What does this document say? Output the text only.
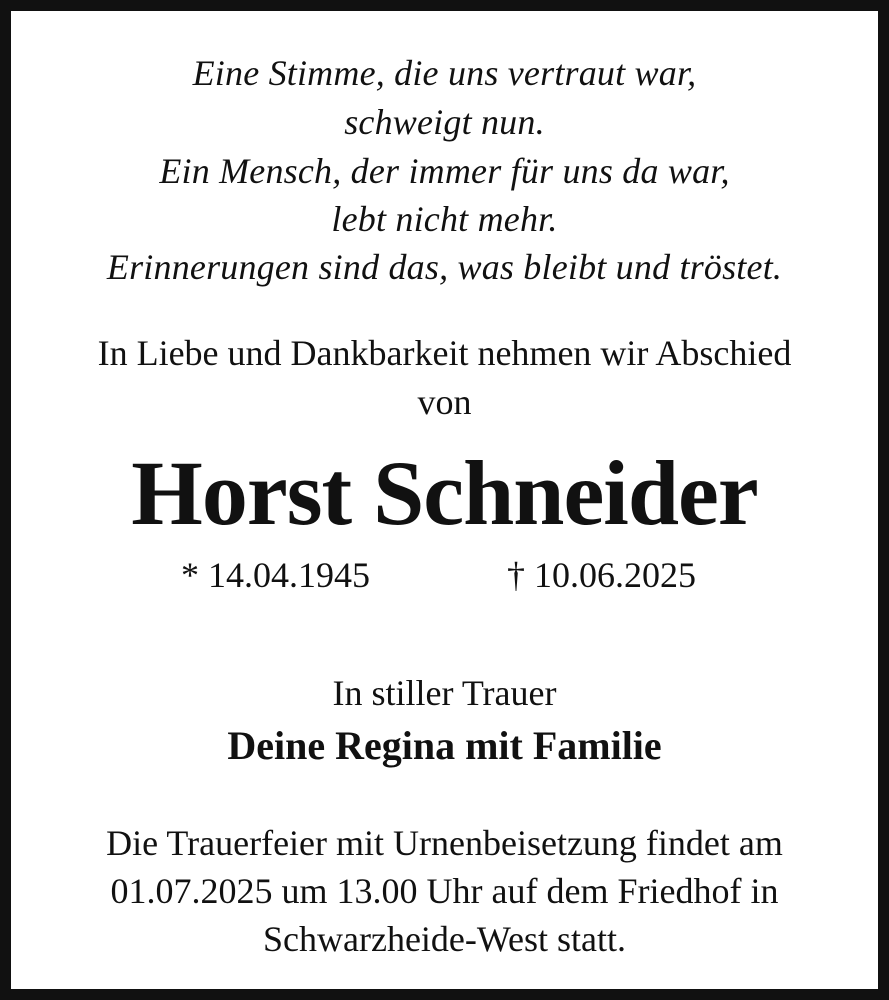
Eine Stimme, die uns vertraut war,
schweigt nun.
Ein Mensch, der immer für uns da war,
lebt nicht mehr.
Erinnerungen sind das, was bleibt und tröstet.
In Liebe und Dankbarkeit nehmen wir Abschied
von
Horst Schneider
* 14.04.1945	† 10.06.2025
In stiller Trauer
Deine Regina mit Familie
Die Trauerfeier mit Urnenbeisetzung findet am
01.07.2025 um 13.00 Uhr auf dem Friedhof in
Schwarzheide-West statt.
